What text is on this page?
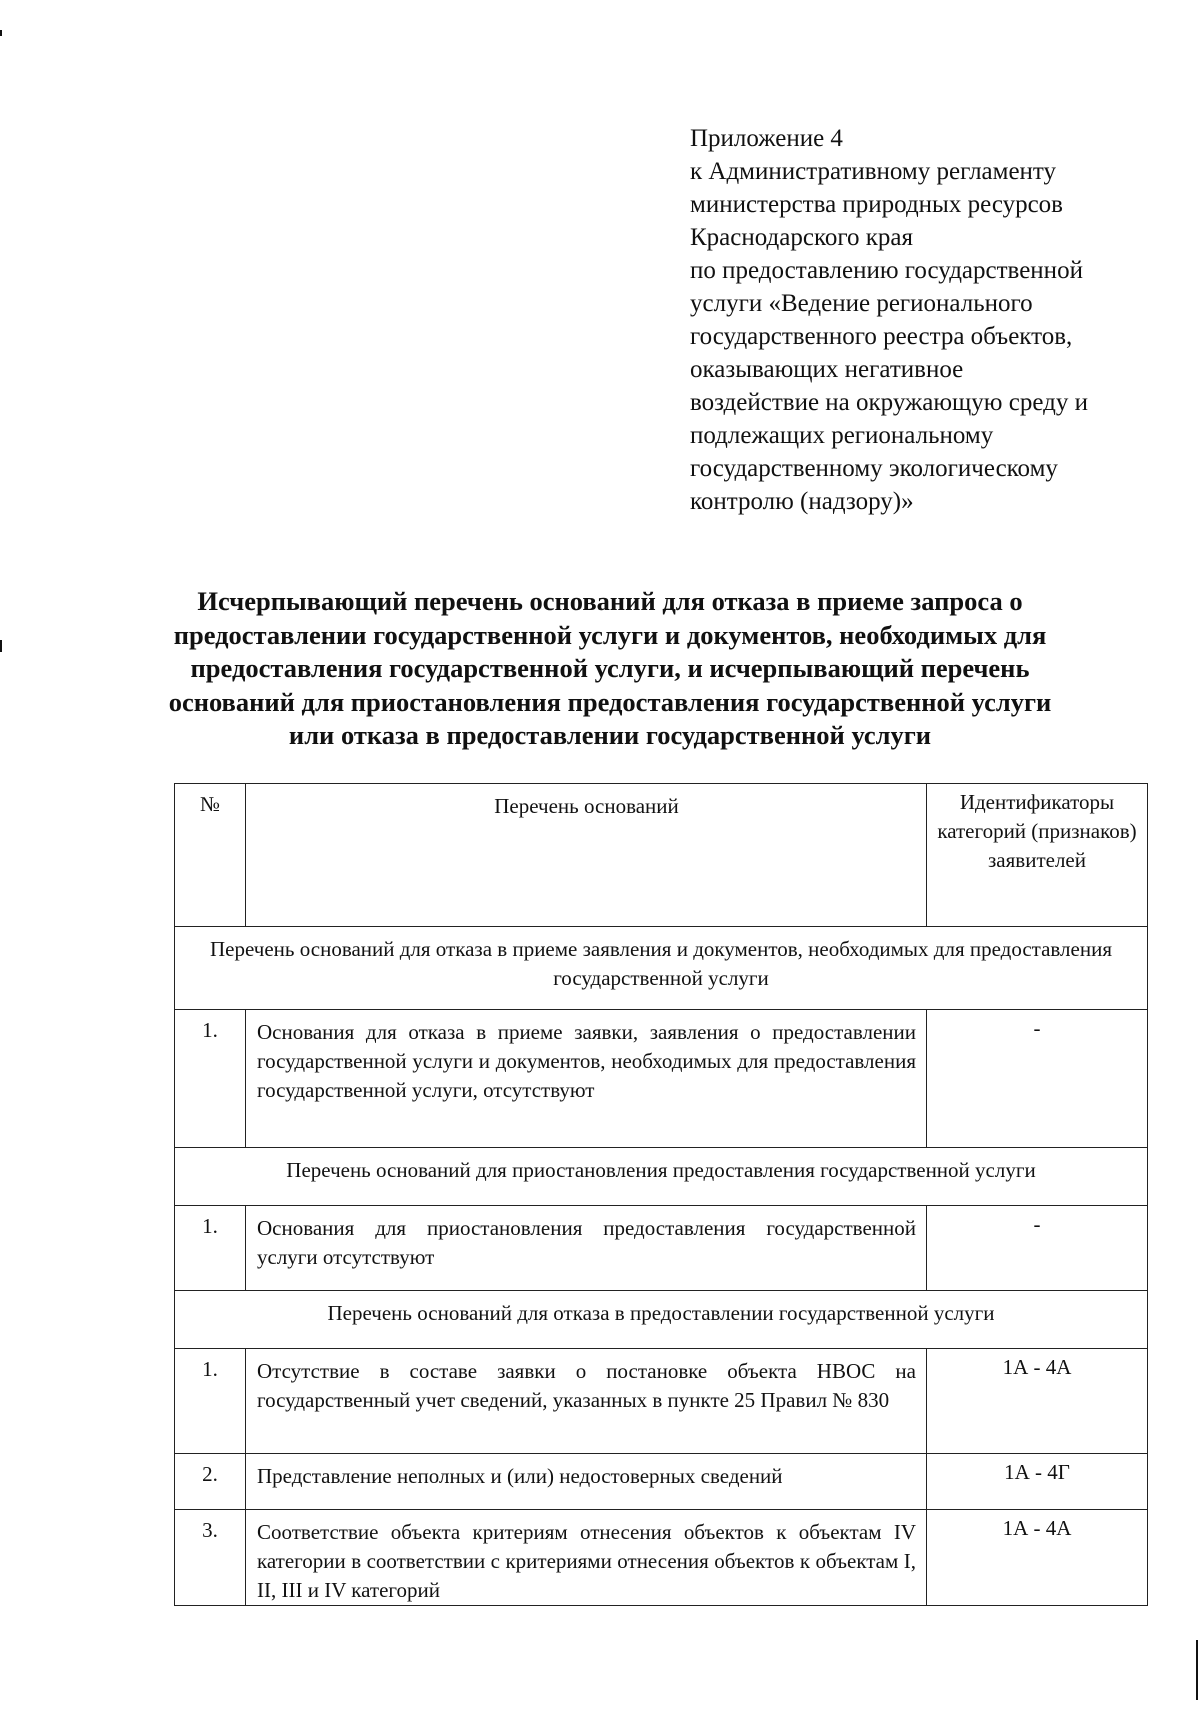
Приложение 4
к Административному регламенту
министерства природных ресурсов
Краснодарского края
по предоставлению государственной
услуги «Ведение регионального
государственного реестра объектов,
оказывающих негативное
воздействие на окружающую среду и
подлежащих региональному
государственному экологическому
контролю (надзору)»
Исчерпывающий перечень оснований для отказа в приеме запроса о
предоставлении государственной услуги и документов, необходимых для
предоставления государственной услуги, и исчерпывающий перечень
оснований для приостановления предоставления государственной услуги
или отказа в предоставлении государственной услуги
№	Перечень оснований	Идентификаторы категорий (признаков) заявителей
Перечень оснований для отказа в приеме заявления и документов, необходимых для предоставления государственной услуги		
1.	Основания для отказа в приеме заявки, заявления о предоставлении государственной услуги и документов, необходимых для предоставления государственной услуги, отсутствуют	-
Перечень оснований для приостановления предоставления государственной услуги		
1.	Основания для приостановления предоставления государственной услуги отсутствуют	-
Перечень оснований для отказа в предоставлении государственной услуги		
1.	Отсутствие в составе заявки о постановке объекта НВОС на государственный учет сведений, указанных в пункте 25 Правил № 830	1А - 4А
2.	Представление неполных и (или) недостоверных сведений	1А - 4Г
3.	Соответствие объекта критериям отнесения объектов к объектам IV категории в соответствии с критериями отнесения объектов к объектам I, II, III и IV категорий	1А - 4А
